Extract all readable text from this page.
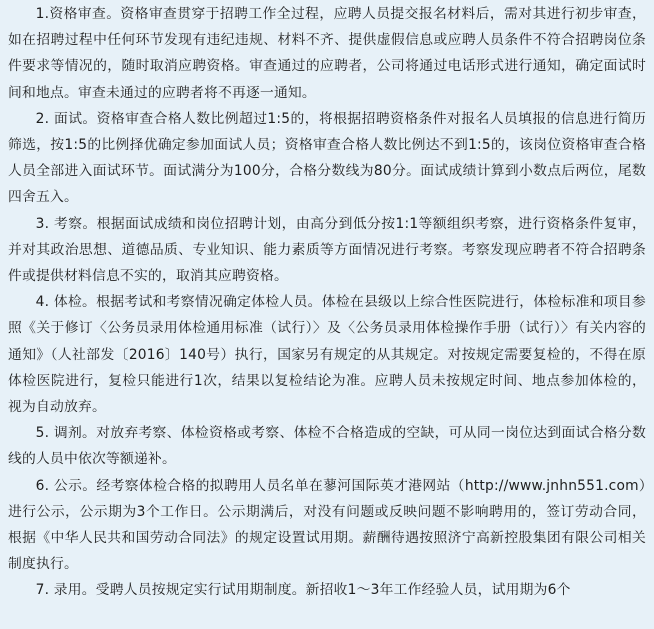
1.资格审查。资格审查贯穿于招聘工作全过程，应聘人员提交报名材料后，需对其进行初步审查，如在招聘过程中任何环节发现有违纪违规、材料不齐、提供虚假信息或应聘人员条件不符合招聘岗位条件要求等情况的，随时取消应聘资格。审查通过的应聘者，公司将通过电话形式进行通知，确定面试时间和地点。审查未通过的应聘者将不再逐一通知。

2. 面试。资格审查合格人数比例超过1:5的，将根据招聘资格条件对报名人员填报的信息进行简历筛选，按1:5的比例择优确定参加面试人员；资格审查合格人数比例达不到1:5的，该岗位资格审查合格人员全部进入面试环节。面试满分为100分，合格分数线为80分。面试成绩计算到小数点后两位，尾数四舍五入。

3. 考察。根据面试成绩和岗位招聘计划，由高分到低分按1:1等额组织考察，进行资格条件复审，并对其政治思想、道德品质、专业知识、能力素质等方面情况进行考察。考察发现应聘者不符合招聘条件或提供材料信息不实的，取消其应聘资格。

4. 体检。根据考试和考察情况确定体检人员。体检在县级以上综合性医院进行，体检标准和项目参照《关于修订〈公务员录用体检通用标准（试行）〉及〈公务员录用体检操作手册（试行）〉有关内容的通知》（人社部发〔2016〕140号）执行，国家另有规定的从其规定。对按规定需要复检的，不得在原体检医院进行，复检只能进行1次，结果以复检结论为准。应聘人员未按规定时间、地点参加体检的，视为自动放弃。

5. 调剂。对放弃考察、体检资格或考察、体检不合格造成的空缺，可从同一岗位达到面试合格分数线的人员中依次等额递补。

6. 公示。经考察体检合格的拟聘用人员名单在蓼河国际英才港网站（http://www.jnhn551.com）进行公示，公示期为3个工作日。公示期满后，对没有问题或反映问题不影响聘用的，签订劳动合同，根据《中华人民共和国劳动合同法》的规定设置试用期。薪酬待遇按照济宁高新控股集团有限公司相关制度执行。

7. 录用。受聘人员按规定实行试用期制度。新招收1～3年工作经验人员，试用期为6个
